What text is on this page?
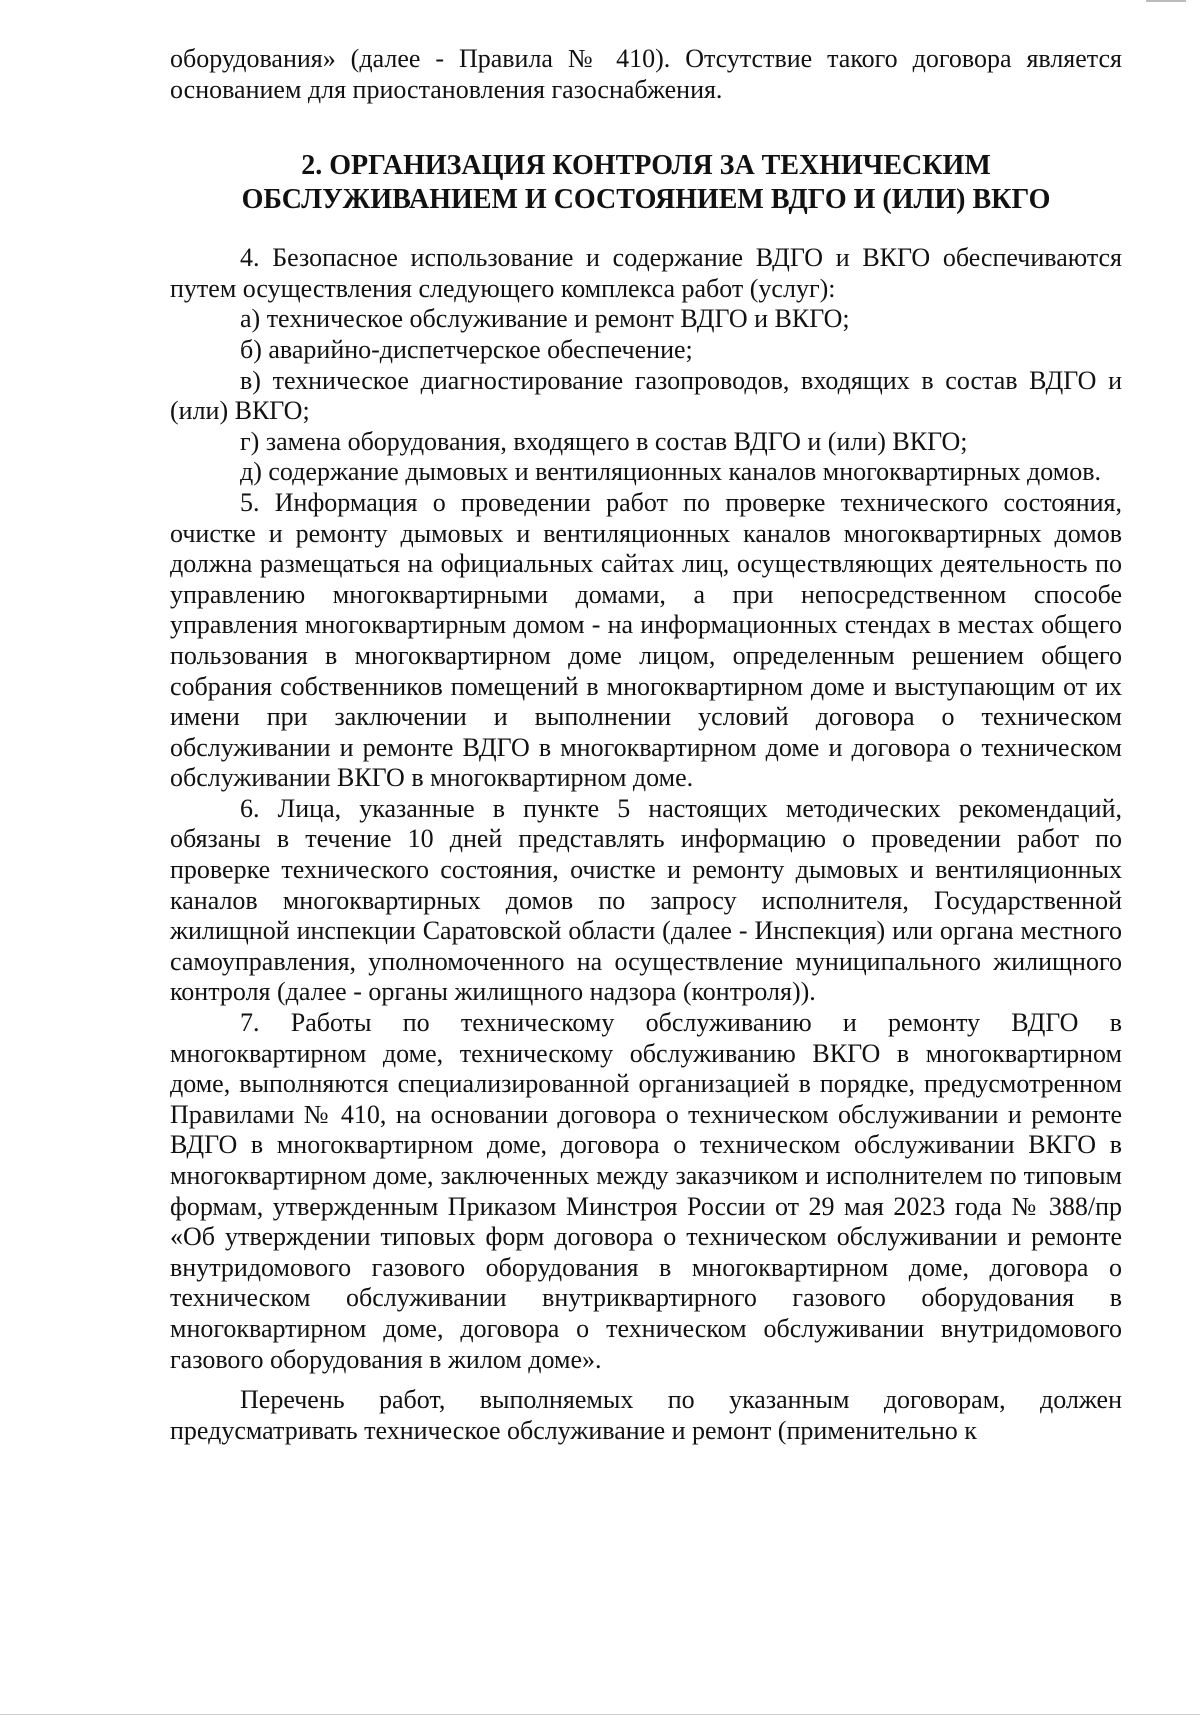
оборудования» (далее - Правила № 410). Отсутствие такого договора является основанием для приостановления газоснабжения.

2. ОРГАНИЗАЦИЯ КОНТРОЛЯ ЗА ТЕХНИЧЕСКИМ
ОБСЛУЖИВАНИЕМ И СОСТОЯНИЕМ ВДГО И (ИЛИ) ВКГО

4. Безопасное использование и содержание ВДГО и ВКГО обеспечиваются путем осуществления следующего комплекса работ (услуг):

а) техническое обслуживание и ремонт ВДГО и ВКГО;

б) аварийно-диспетчерское обеспечение;

в) техническое диагностирование газопроводов, входящих в состав ВДГО и (или) ВКГО;

г) замена оборудования, входящего в состав ВДГО и (или) ВКГО;

д) содержание дымовых и вентиляционных каналов многоквартирных домов.

5. Информация о проведении работ по проверке технического состояния, очистке и ремонту дымовых и вентиляционных каналов многоквартирных домов должна размещаться на официальных сайтах лиц, осуществляющих деятельность по управлению многоквартирными домами, а при непосредственном способе управления многоквартирным домом - на информационных стендах в местах общего пользования в многоквартирном доме лицом, определенным решением общего собрания собственников помещений в многоквартирном доме и выступающим от их имени при заключении и выполнении условий договора о техническом обслуживании и ремонте ВДГО в многоквартирном доме и договора о техническом обслуживании ВКГО в многоквартирном доме.

6. Лица, указанные в пункте 5 настоящих методических рекомендаций, обязаны в течение 10 дней представлять информацию о проведении работ по проверке технического состояния, очистке и ремонту дымовых и вентиляционных каналов многоквартирных домов по запросу исполнителя, Государственной жилищной инспекции Саратовской области (далее - Инспекция) или органа местного самоуправления, уполномоченного на осуществление муниципального жилищного контроля (далее - органы жилищного надзора (контроля)).

7. Работы по техническому обслуживанию и ремонту ВДГО в многоквартирном доме, техническому обслуживанию ВКГО в многоквартирном доме, выполняются специализированной организацией в порядке, предусмотренном Правилами № 410, на основании договора о техническом обслуживании и ремонте ВДГО в многоквартирном доме, договора о техническом обслуживании ВКГО в многоквартирном доме, заключенных между заказчиком и исполнителем по типовым формам, утвержденным Приказом Минстроя России от 29 мая 2023 года № 388/пр «Об утверждении типовых форм договора о техническом обслуживании и ремонте внутридомового газового оборудования в многоквартирном доме, договора о техническом обслуживании внутриквартирного газового оборудования в многоквартирном доме, договора о техническом обслуживании внутридомового газового оборудования в жилом доме».

Перечень работ, выполняемых по указанным договорам, должен предусматривать техническое обслуживание и ремонт (применительно к
